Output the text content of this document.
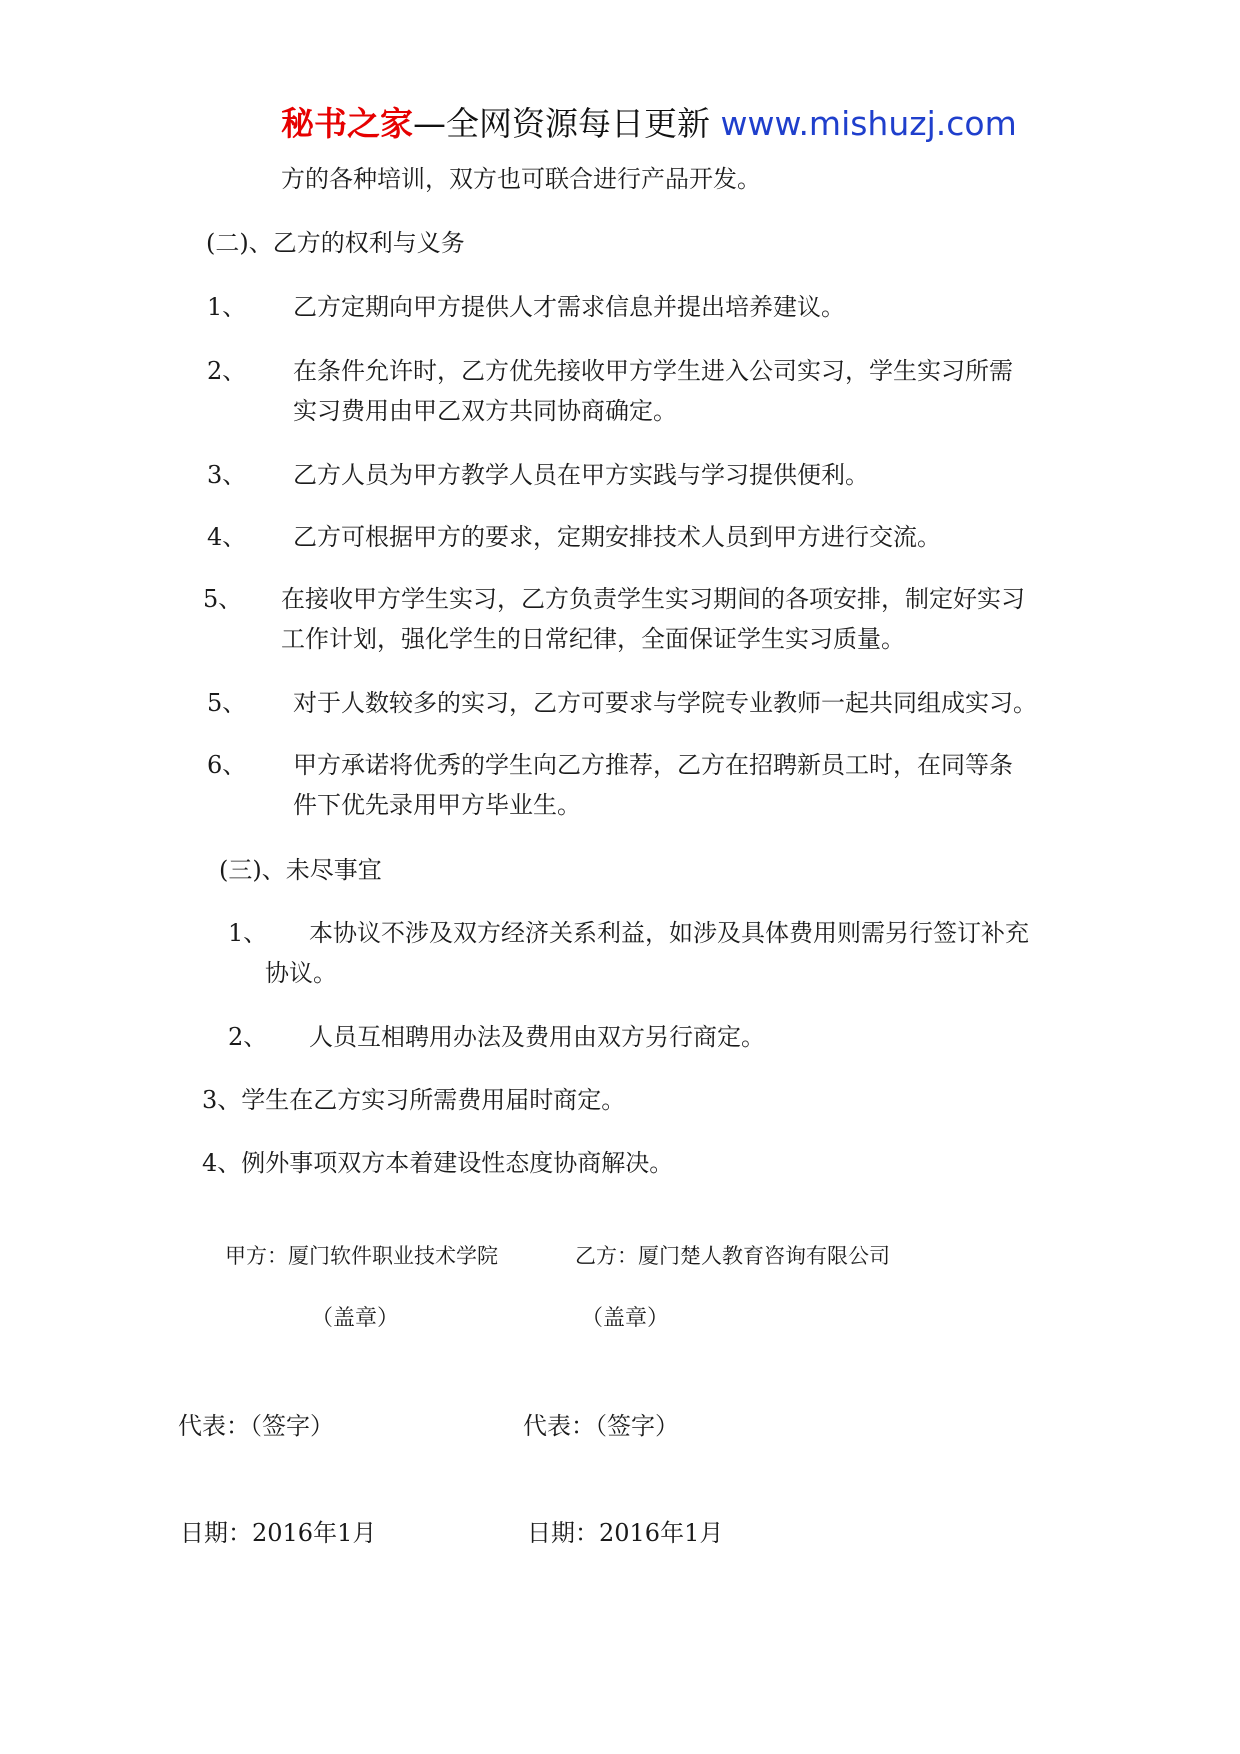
秘书之家—全网资源每日更新 www.mishuzj.com
方的各种培训，双方也可联合进行产品开发。
(二)、乙方的权利与义务
1、 乙方定期向甲方提供人才需求信息并提出培养建议。
2、 在条件允许时，乙方优先接收甲方学生进入公司实习，学生实习所需
实习费用由甲乙双方共同协商确定。
3、 乙方人员为甲方教学人员在甲方实践与学习提供便利。
4、 乙方可根据甲方的要求，定期安排技术人员到甲方进行交流。
5、 在接收甲方学生实习，乙方负责学生实习期间的各项安排，制定好实习
工作计划，强化学生的日常纪律，全面保证学生实习质量。
5、 对于人数较多的实习，乙方可要求与学院专业教师一起共同组成实习。
6、 甲方承诺将优秀的学生向乙方推荐，乙方在招聘新员工时，在同等条
件下优先录用甲方毕业生。
(三)、未尽事宜
1、 本协议不涉及双方经济关系利益，如涉及具体费用则需另行签订补充
协议。
2、 人员互相聘用办法及费用由双方另行商定。
3、学生在乙方实习所需费用届时商定。
4、例外事项双方本着建设性态度协商解决。
甲方：厦门软件职业技术学院	乙方：厦门楚人教育咨询有限公司
（盖章）	（盖章）
代表：（签字）	代表：（签字）
日期：2016年1月	日期：2016年1月
